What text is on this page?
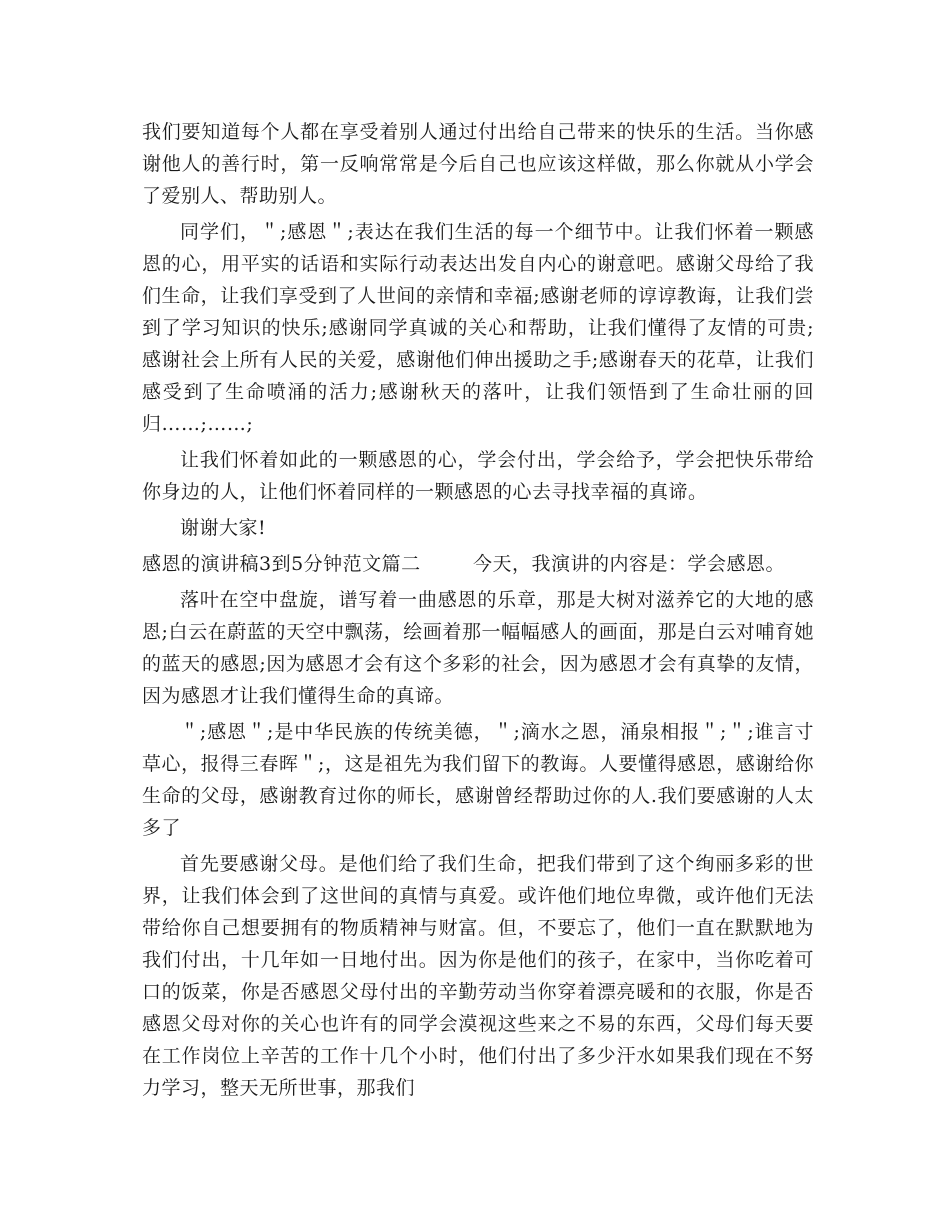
我们要知道每个人都在享受着别人通过付出给自己带来的快乐的生活。当你感谢他人的善行时，第一反响常常是今后自己也应该这样做，那么你就从小学会了爱别人、帮助别人。

同学们，＂;感恩＂;表达在我们生活的每一个细节中。让我们怀着一颗感恩的心，用平实的话语和实际行动表达出发自内心的谢意吧。感谢父母给了我们生命，让我们享受到了人世间的亲情和幸福;感谢老师的谆谆教诲，让我们尝到了学习知识的快乐;感谢同学真诚的关心和帮助，让我们懂得了友情的可贵;感谢社会上所有人民的关爱，感谢他们伸出援助之手;感谢春天的花草，让我们感受到了生命喷涌的活力;感谢秋天的落叶，让我们领悟到了生命壮丽的回归……;……;

让我们怀着如此的一颗感恩的心，学会付出，学会给予，学会把快乐带给你身边的人，让他们怀着同样的一颗感恩的心去寻找幸福的真谛。

谢谢大家!

感恩的演讲稿3到5分钟范文篇二        今天，我演讲的内容是：学会感恩。

落叶在空中盘旋，谱写着一曲感恩的乐章，那是大树对滋养它的大地的感恩;白云在蔚蓝的天空中飘荡，绘画着那一幅幅感人的画面，那是白云对哺育她的蓝天的感恩;因为感恩才会有这个多彩的社会，因为感恩才会有真挚的友情，因为感恩才让我们懂得生命的真谛。

＂;感恩＂;是中华民族的传统美德，＂;滴水之恩，涌泉相报＂;＂;谁言寸草心，报得三春晖＂;，这是祖先为我们留下的教诲。人要懂得感恩，感谢给你生命的父母，感谢教育过你的师长，感谢曾经帮助过你的人.我们要感谢的人太多了

首先要感谢父母。是他们给了我们生命，把我们带到了这个绚丽多彩的世界，让我们体会到了这世间的真情与真爱。或许他们地位卑微，或许他们无法带给你自己想要拥有的物质精神与财富。但，不要忘了，他们一直在默默地为我们付出，十几年如一日地付出。因为你是他们的孩子，在家中，当你吃着可口的饭菜，你是否感恩父母付出的辛勤劳动当你穿着漂亮暖和的衣服，你是否感恩父母对你的关心也许有的同学会漠视这些来之不易的东西，父母们每天要在工作岗位上辛苦的工作十几个小时，他们付出了多少汗水如果我们现在不努力学习，整天无所世事，那我们
